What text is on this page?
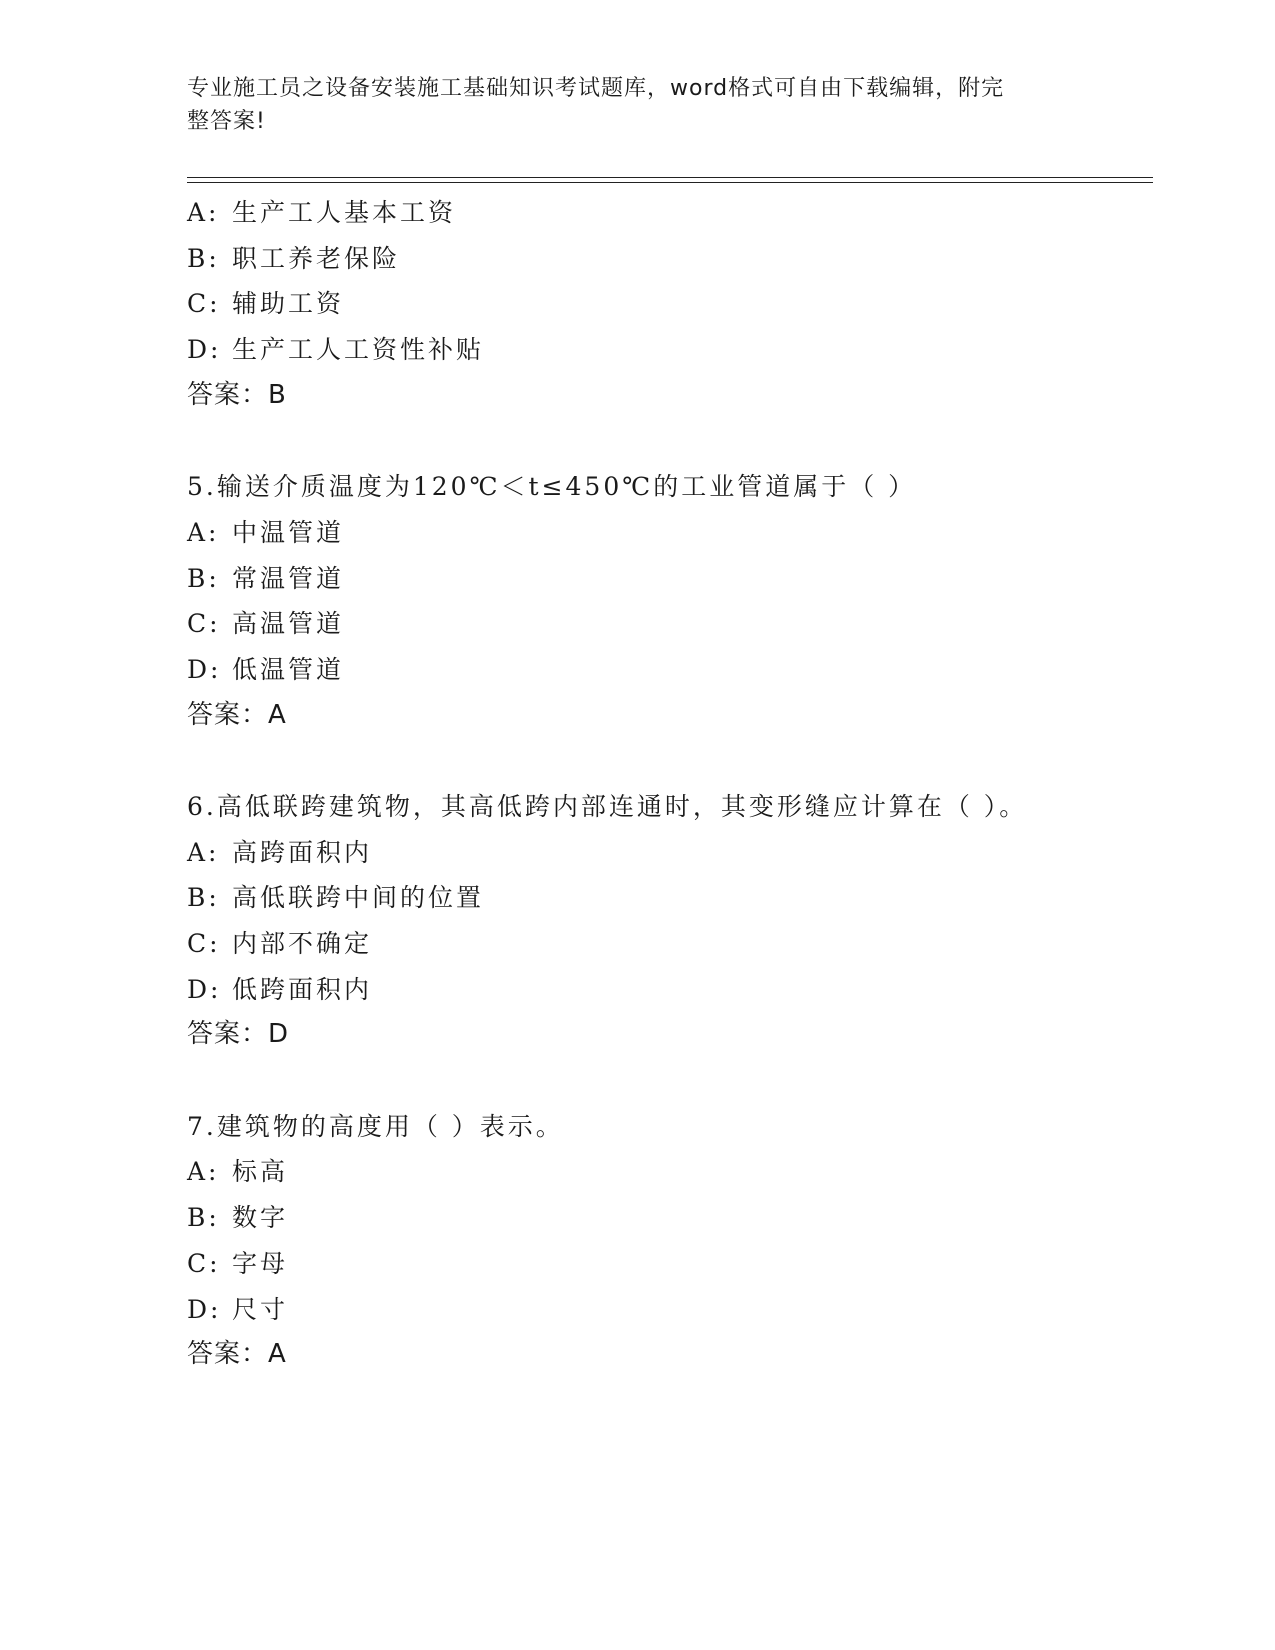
专业施工员之设备安装施工基础知识考试题库，word格式可自由下载编辑，附完
整答案!
A: 生产工人基本工资
B: 职工养老保险
C: 辅助工资
D: 生产工人工资性补贴
答案：B
5.输送介质温度为120℃＜t≤450℃的工业管道属于（ ）
A: 中温管道
B: 常温管道
C: 高温管道
D: 低温管道
答案：A
6.高低联跨建筑物，其高低跨内部连通时，其变形缝应计算在（ ）。
A: 高跨面积内
B: 高低联跨中间的位置
C: 内部不确定
D: 低跨面积内
答案：D
7.建筑物的高度用（ ）表示。
A: 标高
B: 数字
C: 字母
D: 尺寸
答案：A
